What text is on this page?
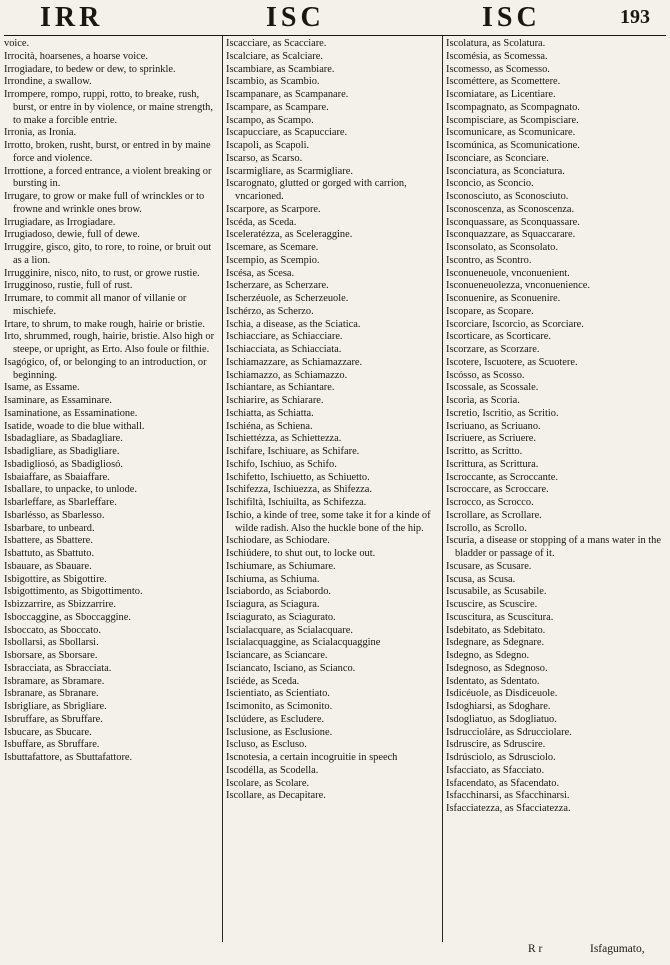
IRR	ISC	ISC	193
voice.
Irrocità, hoarsenes, a hoarse voice.
Irrogiadare, to bedew or dew, to sprinkle.
Irrondine, a swallow.
Irrompere, rompo, ruppi, rotto, to breake, rush, burst, or entre in by violence, or maine strength, to make a forcible entrie.
Irronia, as Ironia.
Irrotto, broken, rusht, burst, or entred in by maine force and violence.
Irrottione, a forced entrance, a violent breaking or bursting in.
Irrugare, to grow or make full of wrinckles or to frowne and wrinkle ones brow.
Irrugiadare, as Irrogiadare.
Irrugiadoso, dewie, full of dewe.
Irruggire, gisco, gito, to rore, to roine, or bruit out as a lion.
Irrugginire, nisco, nito, to rust, or growe rustie.
Irrugginoso, rustie, full of rust.
Irrumare, to commit all manor of villanie or mischiefe.
Irtare, to shrum, to make rough, hairie or bristie.
Irto, shrummed, rough, hairie, bristie. Also high or steepe, or upright, as Erto. Also foule or filthie.
Isagógico, of, or belonging to an introduction, or beginning.
Isame, as Essame.
Isaminare, as Essaminare.
Isaminatione, as Essaminatione.
Isatide, woade to die blue withall.
Isbadagliare, as Sbadagliare.
Isbadigliare, as Sbadigliare.
Isbadigliosó, as Sbadigliosó.
Isbaiaffare, as Sbaiaffare.
Isballare, to unpacke, to unlode.
Isbarleffare, as Sbarleffare.
Isbarlésso, as Sbarlesso.
Isbarbare, to unbeard.
Isbattere, as Sbattere.
Isbattuto, as Sbattuto.
Isbauare, as Sbauare.
Isbigottire, as Sbigottire.
Isbigottimento, as Sbigottimento.
Isbizzarrire, as Sbizzarrire.
Isboccaggine, as Sboccaggine.
Isboccato, as Sboccato.
Isbollarsi, as Sbollarsi.
Isborsare, as Sborsare.
Isbracciata, as Sbracciata.
Isbramare, as Sbramare.
Isbranare, as Sbranare.
Isbrigliare, as Sbrigliare.
Isbruffare, as Sbruffare.
Isbucare, as Sbucare.
Isbuffare, as Sbruffare.
Isbuttafattore, as Sbuttafattore.
Iscacciare, as Scacciare.
Iscalciare, as Scalciare.
Iscambiare, as Scambiare.
Iscambio, as Scambio.
Iscampanare, as Scampanare.
Iscampare, as Scampare.
Iscampo, as Scampo.
Iscapucciare, as Scapucciare.
Iscapoli, as Scapoli.
Iscarso, as Scarso.
Iscarmigliare, as Scarmigliare.
Iscarognato, glutted or gorged with carrion, vncarioned.
Iscarpore, as Scarpore.
Iscéda, as Sceda.
Isceleratézza, as Sceleraggine.
Iscemare, as Scemare.
Iscempio, as Scempio.
Iscésa, as Scesa.
Ischerzare, as Scherzare.
Ischerzéuole, as Scherzeuole.
Ischérzo, as Scherzo.
Ischia, a disease, as the Sciatica.
Ischiacciare, as Schiacciare.
Ischiacciata, as Schiacciata.
Ischiamazzare, as Schiamazzare.
Ischiamazzo, as Schiamazzo.
Ischiantare, as Schiantare.
Ischiarire, as Schiarare.
Ischiatta, as Schiatta.
Ischiéna, as Schiena.
Ischiettézza, as Schiettezza.
Ischifare, Ischiuare, as Schifare.
Ischifo, Ischiuo, as Schifo.
Ischifetto, Ischiuetto, as Schiuetto.
Ischifezza, Ischiuezza, as Shifezza.
Ischifiltà, Ischiuilta, as Schifezza.
Ischio, a kinde of tree, some take it for a kinde of wilde radish. Also the huckle bone of the hip.
Ischiodare, as Schiodare.
Ischiúdere, to shut out, to locke out.
Ischiumare, as Schiumare.
Ischiuma, as Schiuma.
Isciabordo, as Sciabordo.
Isciagura, as Sciagura.
Isciagurato, as Sciagurato.
Iscialacquare, as Scialacquare.
Iscialacquaggine, as Scialacquaggine
Isciancare, as Sciancare.
Isciancato, Isciano, as Scianco.
Isciéde, as Sceda.
Iscientiato, as Scientiato.
Iscimonito, as Scimonito.
Isclúdere, as Escludere.
Isclusione, as Esclusione.
Iscluso, as Escluso.
Iscnotesia, a certain incogruitie in speech
Iscodélla, as Scodella.
Iscolare, as Scolare.
Iscollare, as Decapitare.
Iscolatura, as Scolatura.
Iscomésia, as Scomessa.
Iscomesso, as Scomesso.
Iscométtere, as Scomettere.
Iscomiatare, as Licentiare.
Iscompagnato, as Scompagnato.
Iscompisciare, as Scompisciare.
Iscomunicare, as Scomunicare.
Iscomúnica, as Scomunicatione.
Isconciare, as Sconciare.
Isconciatura, as Sconciatura.
Isconcio, as Sconcio.
Isconosciuto, as Sconosciuto.
Isconoscenza, as Sconoscenza.
Isconquassare, as Sconquassare.
Isconquazzare, as Squaccarare.
Isconsolato, as Sconsolato.
Iscontro, as Scontro.
Isconueneuole, vnconuenient.
Isconueneuolezza, vnconuenience.
Isconuenire, as Sconuenire.
Iscopare, as Scopare.
Iscorciare, Iscorcio, as Scorciare.
Iscorticare, as Scorticare.
Iscorzare, as Scorzare.
Iscotere, Iscuotere, as Scuotere.
Iscósso, as Scosso.
Iscossale, as Scossale.
Iscoria, as Scoria.
Iscretio, Iscritio, as Scritio.
Iscriuano, as Scriuano.
Iscriuere, as Scriuere.
Iscritto, as Scritto.
Iscrittura, as Scrittura.
Iscroccante, as Scroccante.
Iscroccare, as Scroccare.
Iscrocco, as Scrocco.
Iscrollare, as Scrollare.
Iscrollo, as Scrollo.
Iscuria, a disease or stopping of a mans water in the bladder or passage of it.
Iscusare, as Scusare.
Iscusa, as Scusa.
Iscusabile, as Scusabile.
Iscuscire, as Scuscire.
Iscuscitura, as Scuscitura.
Isdebitato, as Sdebitato.
Isdegnare, as Sdegnare.
Isdegno, as Sdegno.
Isdegnoso, as Sdegnoso.
Isdentato, as Sdentato.
Isdicéuole, as Disdiceuole.
Isdoghiarsi, as Sdoghare.
Isdogliatuo, as Sdogliatuo.
Isdruccioláre, as Sdrucciolare.
Isdruscire, as Sdruscire.
Isdrúsciolo, as Sdrusciolo.
Isfacciato, as Sfacciato.
Isfacendato, as Sfacendato.
Isfacchinarsi, as Sfacchinarsi.
Isfacciatezza, as Sfacciatezza.
R r	Isfagumato,
